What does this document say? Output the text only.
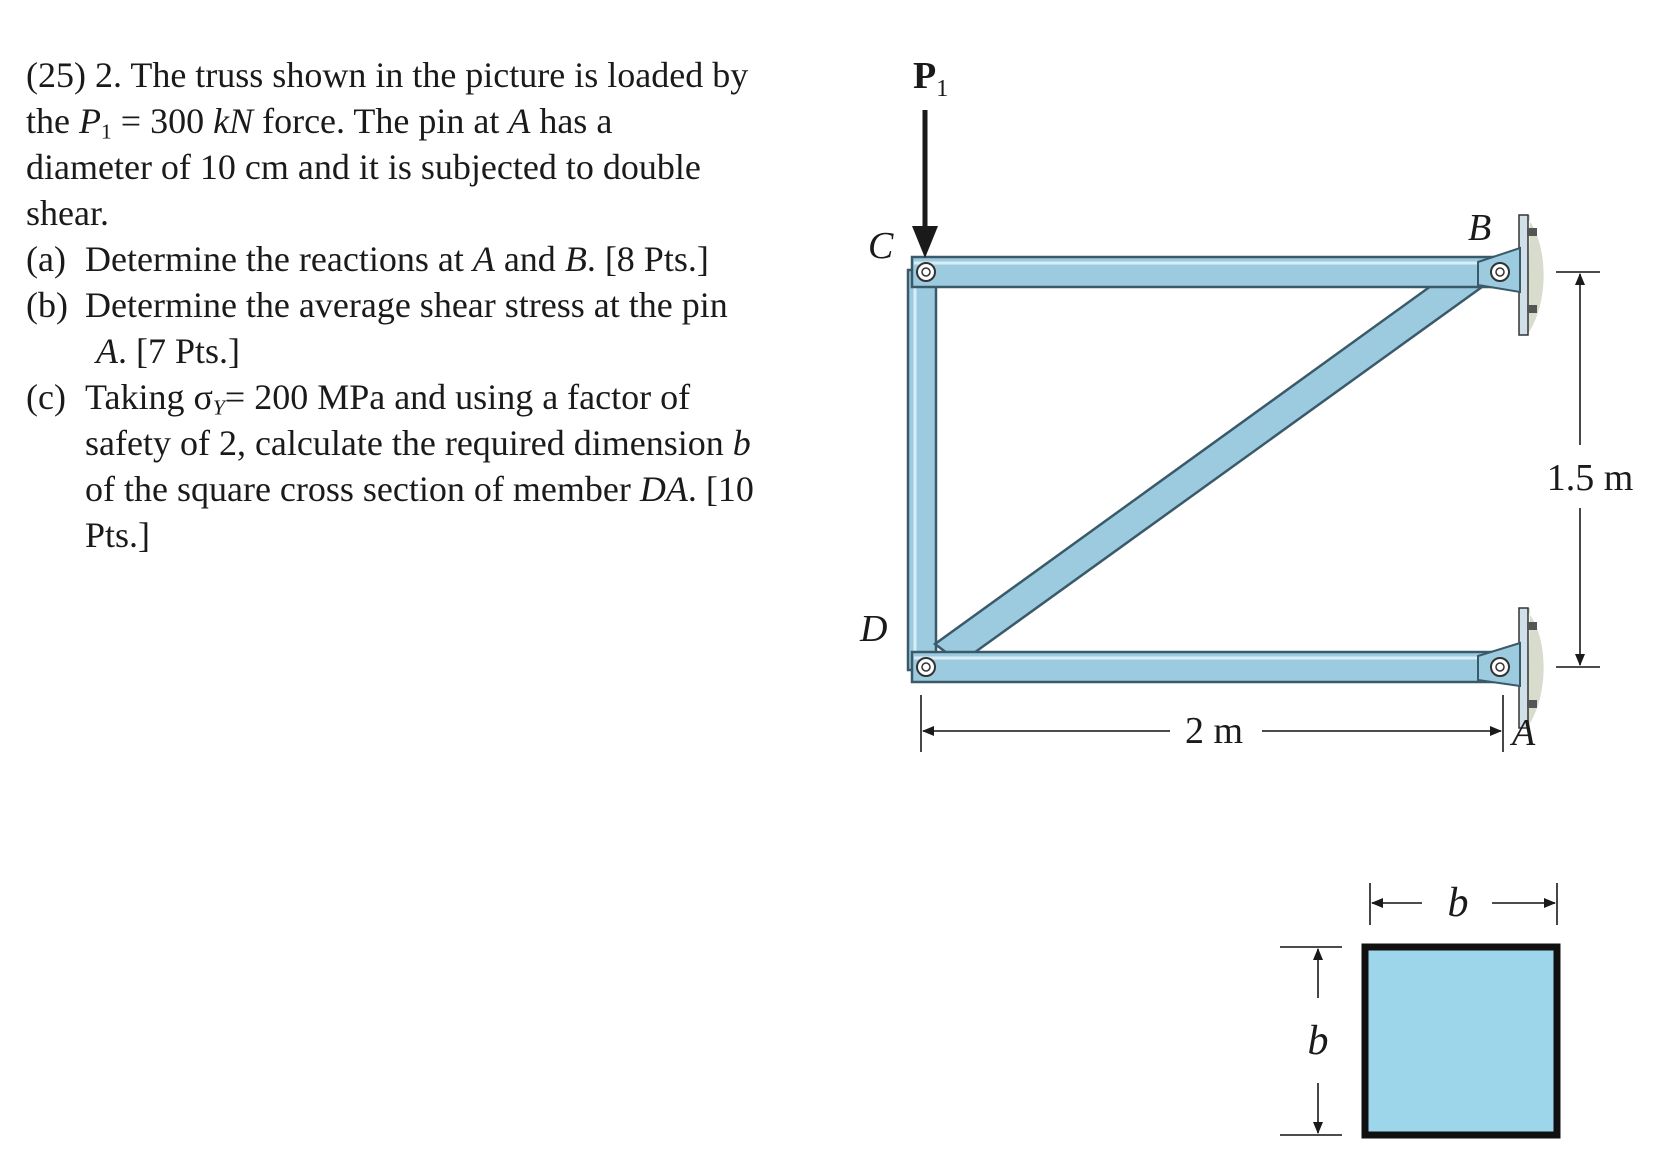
(25) 2. The truss shown in the picture is loaded by
the $P_1 = 300$ kN force. The pin at A has a
diameter of 10 cm and it is subjected to double
shear.
(a) Determine the reactions at A and B. [8 Pts.]
(b) Determine the average shear stress at the pin
A. [7 Pts.]
(c) Taking $\sigma_Y= 200$ MPa and using a factor of
safety of 2, calculate the required dimension b
of the square cross section of member DA. [10
Pts.]
$P_1$
C	B
D
A
2 m
1.5 m
b
b
